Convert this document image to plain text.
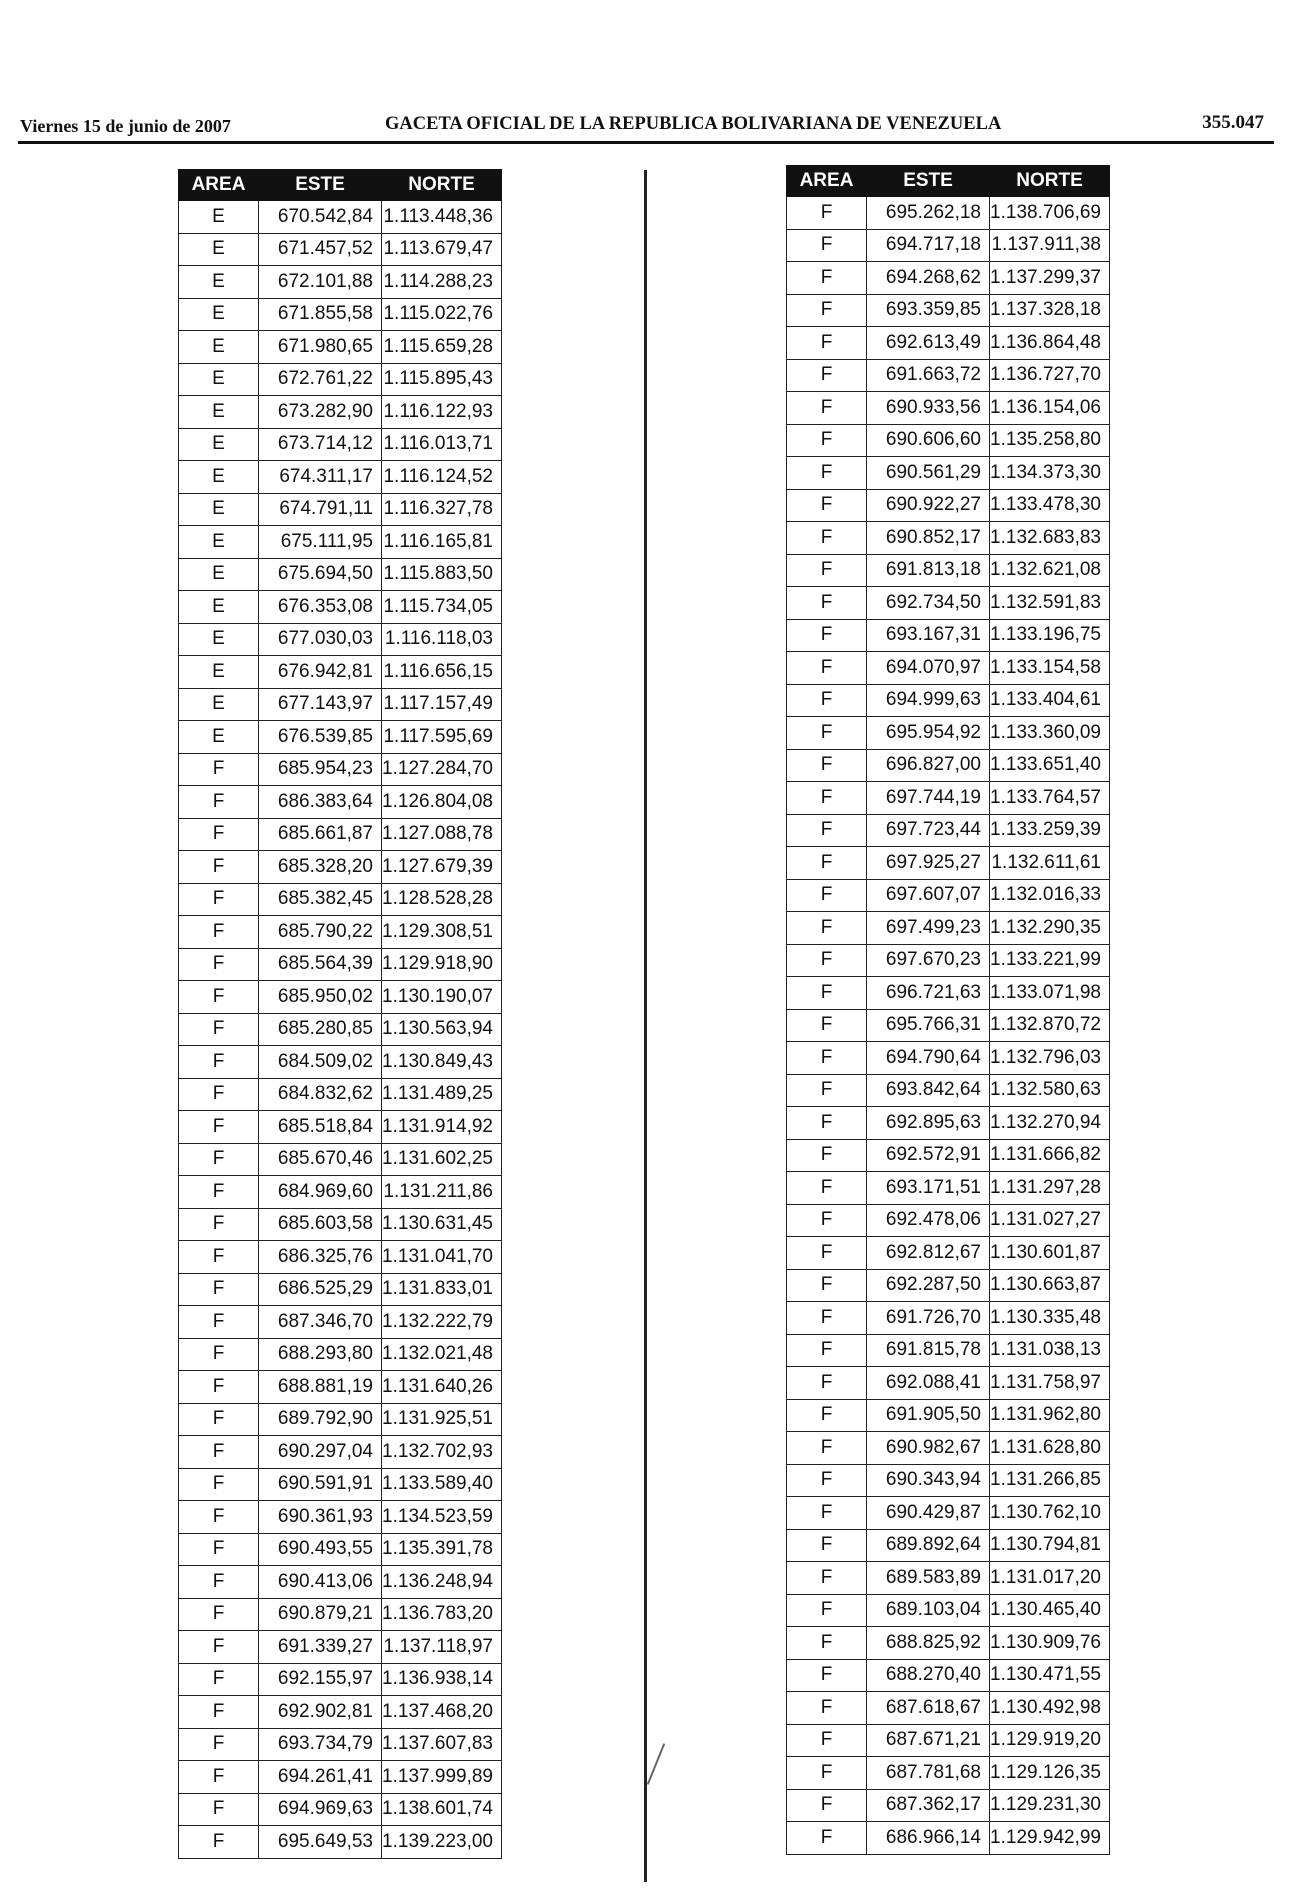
Viernes 15 de junio de 2007	GACETA OFICIAL DE LA REPUBLICA BOLIVARIANA DE VENEZUELA	355.047
AREA	ESTE	NORTE
E	670.542,84	1.113.448,36
E	671.457,52	1.113.679,47
E	672.101,88	1.114.288,23
E	671.855,58	1.115.022,76
E	671.980,65	1.115.659,28
E	672.761,22	1.115.895,43
E	673.282,90	1.116.122,93
E	673.714,12	1.116.013,71
E	674.311,17	1.116.124,52
E	674.791,11	1.116.327,78
E	675.111,95	1.116.165,81
E	675.694,50	1.115.883,50
E	676.353,08	1.115.734,05
E	677.030,03	1.116.118,03
E	676.942,81	1.116.656,15
E	677.143,97	1.117.157,49
E	676.539,85	1.117.595,69
F	685.954,23	1.127.284,70
F	686.383,64	1.126.804,08
F	685.661,87	1.127.088,78
F	685.328,20	1.127.679,39
F	685.382,45	1.128.528,28
F	685.790,22	1.129.308,51
F	685.564,39	1.129.918,90
F	685.950,02	1.130.190,07
F	685.280,85	1.130.563,94
F	684.509,02	1.130.849,43
F	684.832,62	1.131.489,25
F	685.518,84	1.131.914,92
F	685.670,46	1.131.602,25
F	684.969,60	1.131.211,86
F	685.603,58	1.130.631,45
F	686.325,76	1.131.041,70
F	686.525,29	1.131.833,01
F	687.346,70	1.132.222,79
F	688.293,80	1.132.021,48
F	688.881,19	1.131.640,26
F	689.792,90	1.131.925,51
F	690.297,04	1.132.702,93
F	690.591,91	1.133.589,40
F	690.361,93	1.134.523,59
F	690.493,55	1.135.391,78
F	690.413,06	1.136.248,94
F	690.879,21	1.136.783,20
F	691.339,27	1.137.118,97
F	692.155,97	1.136.938,14
F	692.902,81	1.137.468,20
F	693.734,79	1.137.607,83
F	694.261,41	1.137.999,89
F	694.969,63	1.138.601,74
F	695.649,53	1.139.223,00
AREA	ESTE	NORTE
F	695.262,18	1.138.706,69
F	694.717,18	1.137.911,38
F	694.268,62	1.137.299,37
F	693.359,85	1.137.328,18
F	692.613,49	1.136.864,48
F	691.663,72	1.136.727,70
F	690.933,56	1.136.154,06
F	690.606,60	1.135.258,80
F	690.561,29	1.134.373,30
F	690.922,27	1.133.478,30
F	690.852,17	1.132.683,83
F	691.813,18	1.132.621,08
F	692.734,50	1.132.591,83
F	693.167,31	1.133.196,75
F	694.070,97	1.133.154,58
F	694.999,63	1.133.404,61
F	695.954,92	1.133.360,09
F	696.827,00	1.133.651,40
F	697.744,19	1.133.764,57
F	697.723,44	1.133.259,39
F	697.925,27	1.132.611,61
F	697.607,07	1.132.016,33
F	697.499,23	1.132.290,35
F	697.670,23	1.133.221,99
F	696.721,63	1.133.071,98
F	695.766,31	1.132.870,72
F	694.790,64	1.132.796,03
F	693.842,64	1.132.580,63
F	692.895,63	1.132.270,94
F	692.572,91	1.131.666,82
F	693.171,51	1.131.297,28
F	692.478,06	1.131.027,27
F	692.812,67	1.130.601,87
F	692.287,50	1.130.663,87
F	691.726,70	1.130.335,48
F	691.815,78	1.131.038,13
F	692.088,41	1.131.758,97
F	691.905,50	1.131.962,80
F	690.982,67	1.131.628,80
F	690.343,94	1.131.266,85
F	690.429,87	1.130.762,10
F	689.892,64	1.130.794,81
F	689.583,89	1.131.017,20
F	689.103,04	1.130.465,40
F	688.825,92	1.130.909,76
F	688.270,40	1.130.471,55
F	687.618,67	1.130.492,98
F	687.671,21	1.129.919,20
F	687.781,68	1.129.126,35
F	687.362,17	1.129.231,30
F	686.966,14	1.129.942,99
